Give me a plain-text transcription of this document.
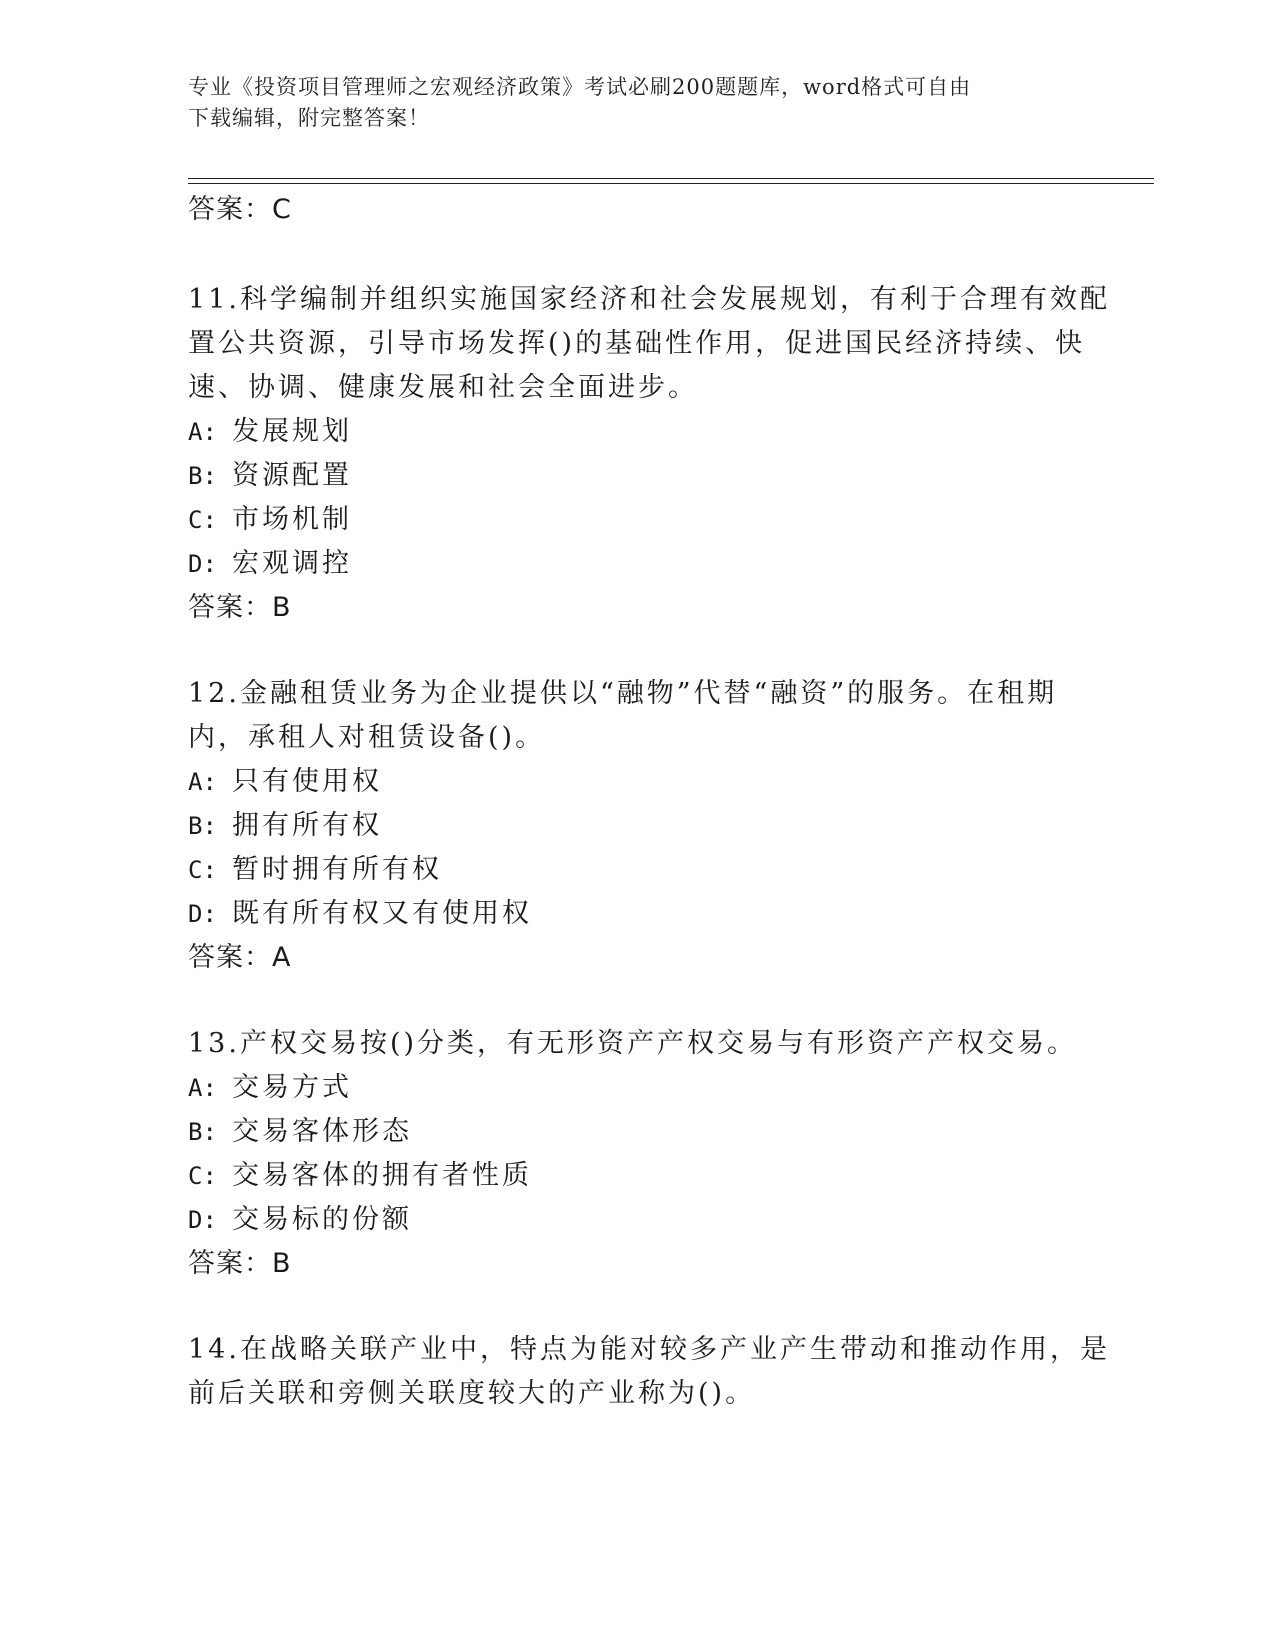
专业《投资项目管理师之宏观经济政策》考试必刷200题题库，word格式可自由
下载编辑，附完整答案！
答案：C
11.科学编制并组织实施国家经济和社会发展规划，有利于合理有效配
置公共资源，引导市场发挥()的基础性作用，促进国民经济持续、快
速、协调、健康发展和社会全面进步。
A: 发展规划
B: 资源配置
C: 市场机制
D: 宏观调控
答案：B
12.金融租赁业务为企业提供以“融物”代替“融资”的服务。在租期
内，承租人对租赁设备()。
A: 只有使用权
B: 拥有所有权
C: 暂时拥有所有权
D: 既有所有权又有使用权
答案：A
13.产权交易按()分类，有无形资产产权交易与有形资产产权交易。
A: 交易方式
B: 交易客体形态
C: 交易客体的拥有者性质
D: 交易标的份额
答案：B
14.在战略关联产业中，特点为能对较多产业产生带动和推动作用，是
前后关联和旁侧关联度较大的产业称为()。
